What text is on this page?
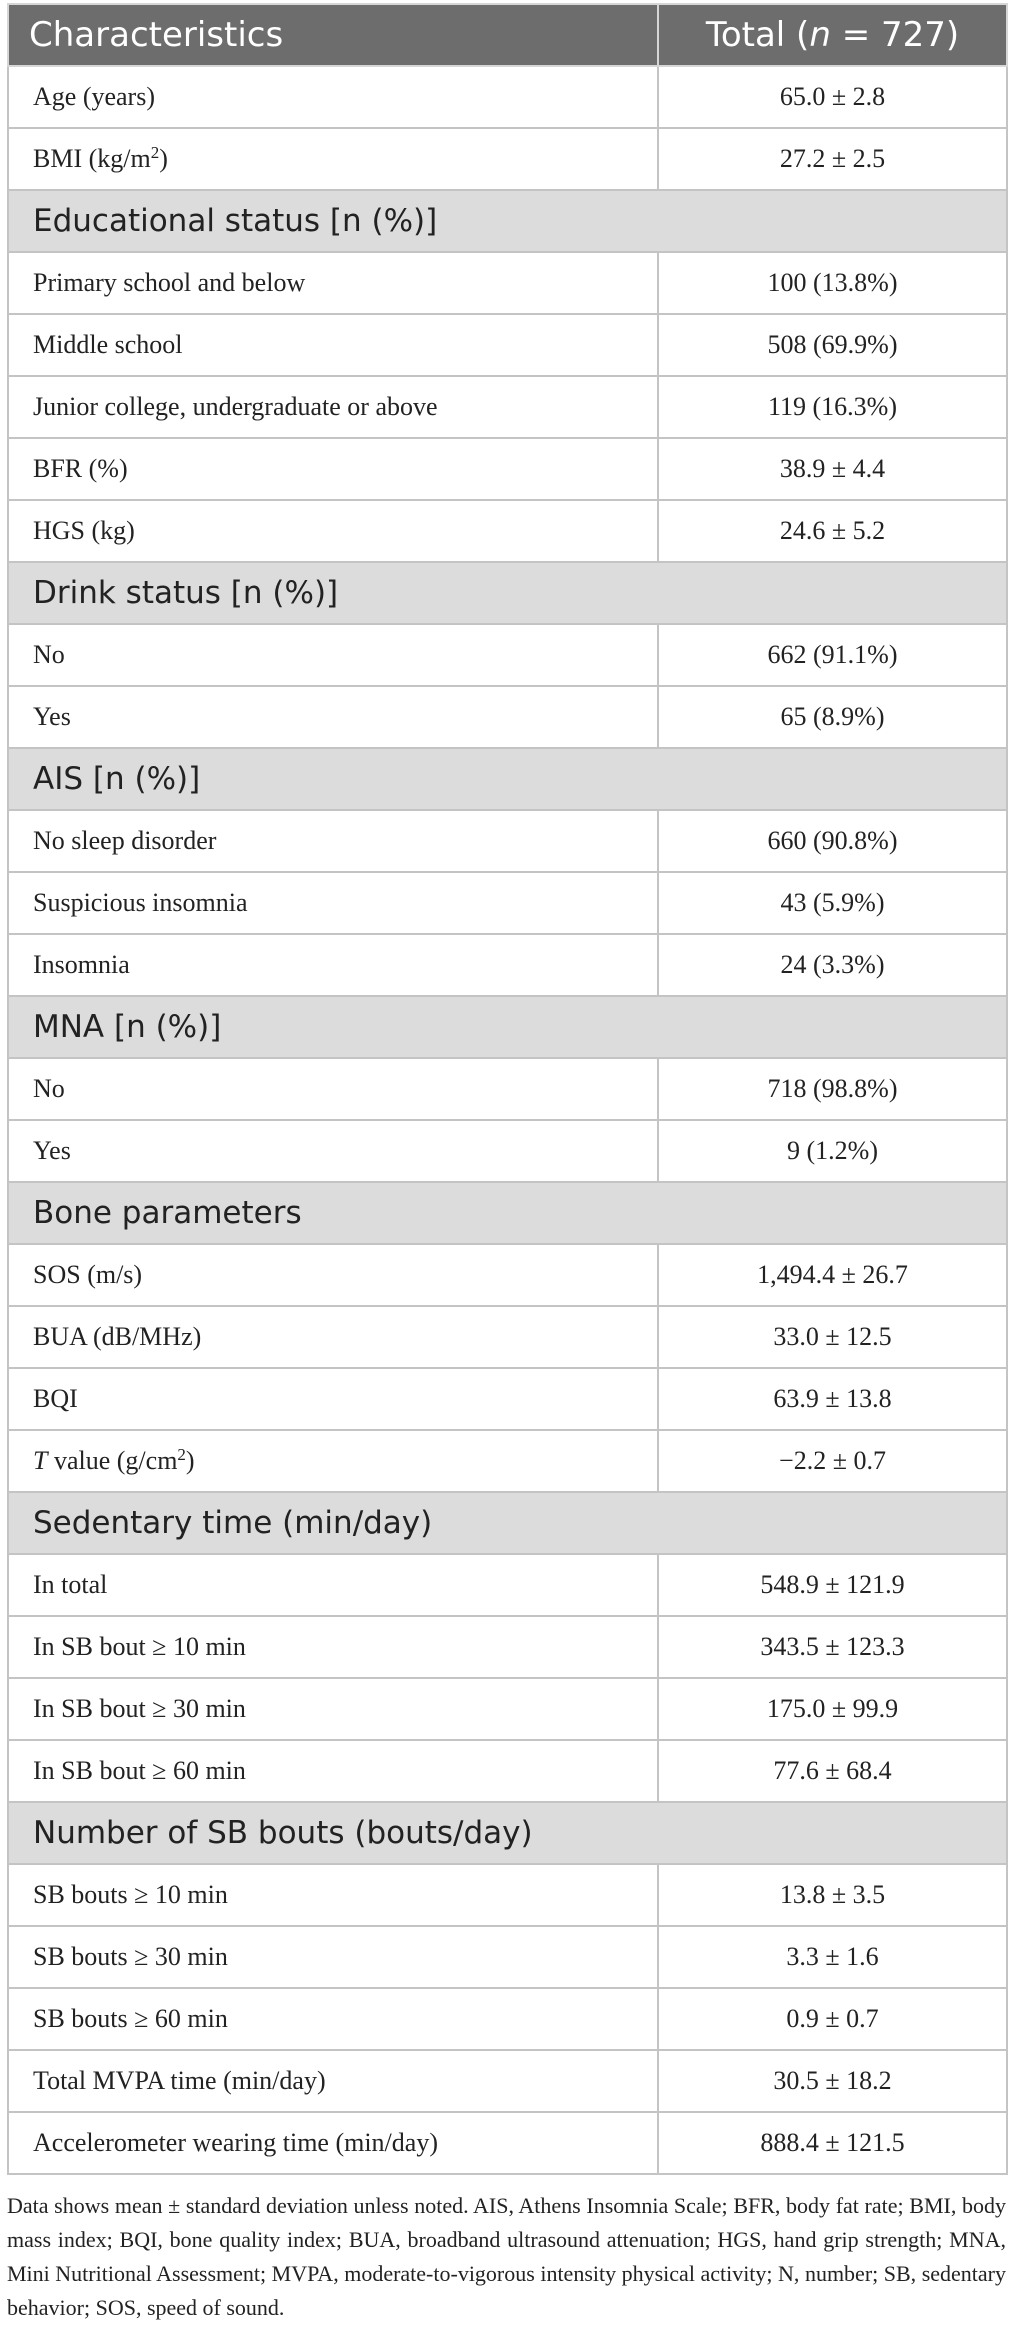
Characteristics	Total (n = 727)
Age (years)	65.0 ± 2.8
BMI $(kg/m^2)$	27.2 ± 2.5
Educational status [n (%)]	
Primary school and below	100 (13.8%)
Middle school	508 (69.9%)
Junior college, undergraduate or above	119 (16.3%)
BFR (%)	38.9 ± 4.4
HGS (kg)	24.6 ± 5.2
Drink status [n (%)]	
No	662 (91.1%)
Yes	65 (8.9%)
AIS [n (%)]	
No sleep disorder	660 (90.8%)
Suspicious insomnia	43 (5.9%)
Insomnia	24 (3.3%)
MNA [n (%)]	
No	718 (98.8%)
Yes	9 (1.2%)
Bone parameters	
SOS (m/s)	1,494.4 ± 26.7
BUA (dB/MHz)	33.0 ± 12.5
BQI	63.9 ± 13.8
T value $(g/cm^2)$	−2.2 ± 0.7
Sedentary time (min/day)	
In total	548.9 ± 121.9
In SB bout ≥ 10 min	343.5 ± 123.3
In SB bout ≥ 30 min	175.0 ± 99.9
In SB bout ≥ 60 min	77.6 ± 68.4
Number of SB bouts (bouts/day)	
SB bouts ≥ 10 min	13.8 ± 3.5
SB bouts ≥ 30 min	3.3 ± 1.6
SB bouts ≥ 60 min	0.9 ± 0.7
Total MVPA time (min/day)	30.5 ± 18.2
Accelerometer wearing time (min/day)	888.4 ± 121.5
Data shows mean ± standard deviation unless noted. AIS, Athens Insomnia Scale; BFR, body fat rate; BMI, body mass index; BQI, bone quality index; BUA, broadband ultrasound attenuation; HGS, hand grip strength; MNA, Mini Nutritional Assessment; MVPA, moderate-to-vigorous intensity physical activity; N, number; SB, sedentary behavior; SOS, speed of sound.
